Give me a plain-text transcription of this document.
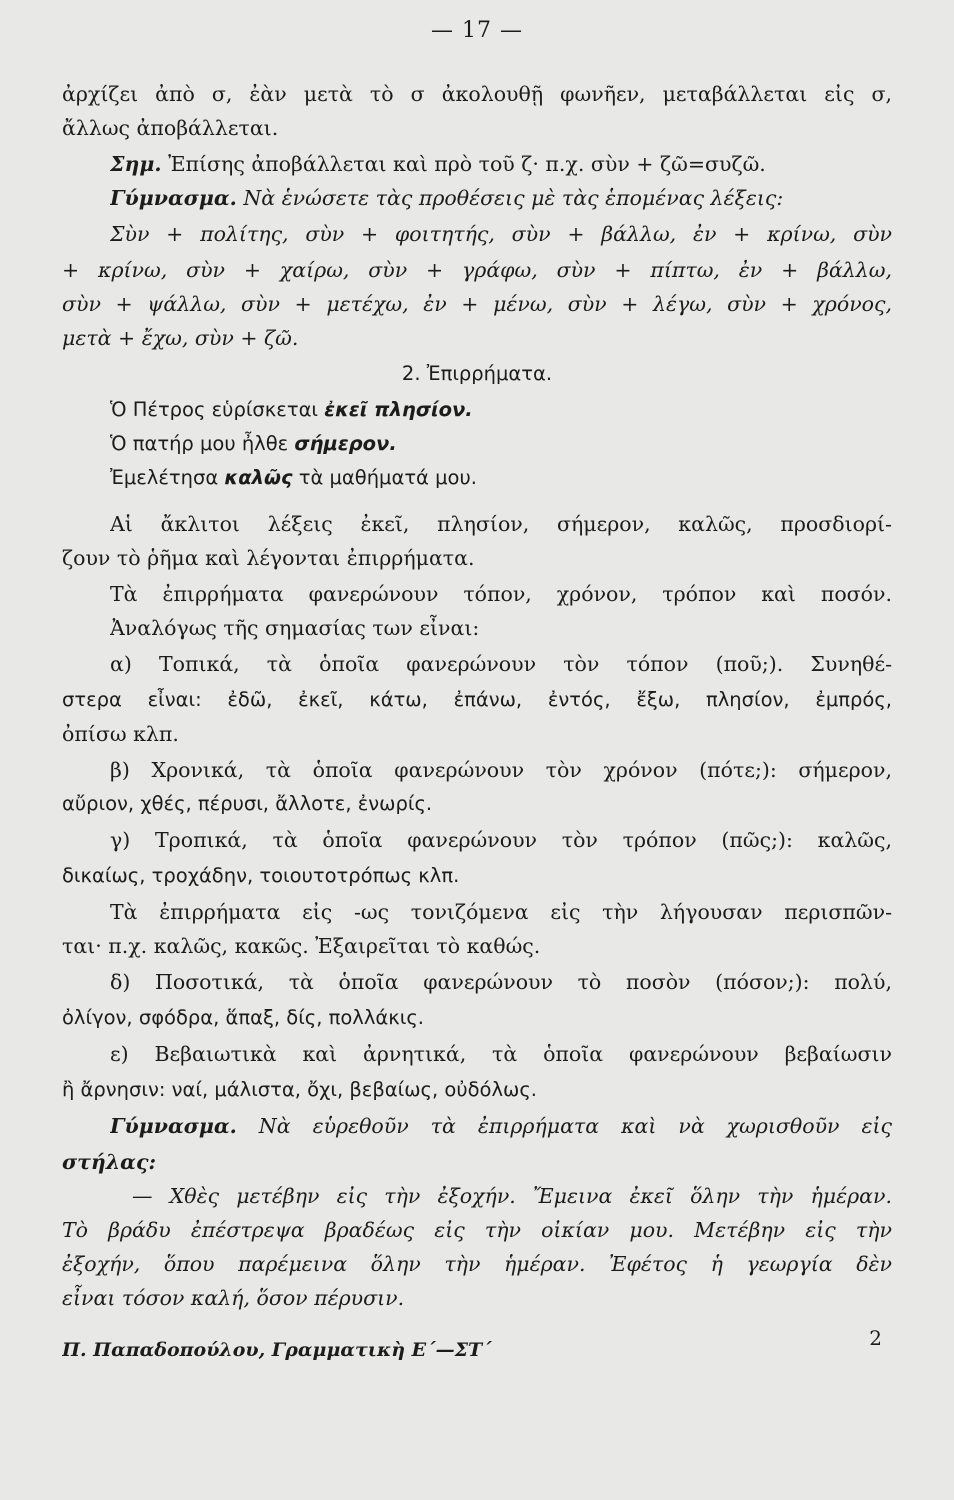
— 17 —
ἀρχίζει ἀπὸ σ, ἐὰν μετὰ τὸ σ ἀκολουθῇ φωνῆεν, μεταβάλλεται εἰς σ,
ἄλλως ἀποβάλλεται.
Σημ. Ἐπίσης ἀποβάλλεται καὶ πρὸ τοῦ ζ· π.χ. σὺν + ζῶ=συζῶ.
Γύμνασμα. Νὰ ἑνώσετε τὰς προθέσεις μὲ τὰς ἑπομένας λέξεις:
Σὺν + πολίτης, σὺν + φοιτητής, σὺν + βάλλω, ἐν + κρίνω, σὺν
+ κρίνω, σὺν + χαίρω, σὺν + γράφω, σὺν + πίπτω, ἐν + βάλλω,
σὺν + ψάλλω, σὺν + μετέχω, ἐν + μένω, σὺν + λέγω, σὺν + χρόνος,
μετὰ + ἔχω, σὺν + ζῶ.
2. Ἐπιρρήματα.
Ὁ Πέτρος εὑρίσκεται ἐκεῖ πλησίον.
Ὁ πατήρ μου ἦλθε σήμερον.
Ἐμελέτησα καλῶς τὰ μαθήματά μου.
Αἱ ἄκλιτοι λέξεις ἐκεῖ, πλησίον, σήμερον, καλῶς, προσδιορί-
ζουν τὸ ῥῆμα καὶ λέγονται ἐπιρρήματα.
Τὰ ἐπιρρήματα φανερώνουν τόπον, χρόνον, τρόπον καὶ ποσόν.
Ἀναλόγως τῆς σημασίας των εἶναι:
α) Τοπικά, τὰ ὁποῖα φανερώνουν τὸν τόπον (ποῦ;). Συνηθέ-
στερα εἶναι: ἐδῶ, ἐκεῖ, κάτω, ἐπάνω, ἐντός, ἔξω, πλησίον, ἐμπρός,
ὀπίσω κλπ.
β) Χρονικά, τὰ ὁποῖα φανερώνουν τὸν χρόνον (πότε;): σήμερον,
αὔριον, χθές, πέρυσι, ἄλλοτε, ἐνωρίς.
γ) Τροπικά, τὰ ὁποῖα φανερώνουν τὸν τρόπον (πῶς;): καλῶς,
δικαίως, τροχάδην, τοιουτοτρόπως κλπ.
Τὰ ἐπιρρήματα εἰς -ως τονιζόμενα εἰς τὴν λήγουσαν περισπῶν-
ται· π.χ. καλῶς, κακῶς. Ἐξαιρεῖται τὸ καθώς.
δ) Ποσοτικά, τὰ ὁποῖα φανερώνουν τὸ ποσὸν (πόσον;): πολύ,
ὀλίγον, σφόδρα, ἅπαξ, δίς, πολλάκις.
ε) Βεβαιωτικὰ καὶ ἀρνητικά, τὰ ὁποῖα φανερώνουν βεβαίωσιν
ἢ ἄρνησιν: ναί, μάλιστα, ὄχι, βεβαίως, οὐδόλως.
Γύμνασμα. Νὰ εὑρεθοῦν τὰ ἐπιρρήματα καὶ νὰ χωρισθοῦν εἰς
στήλας:
— Χθὲς μετέβην εἰς τὴν ἐξοχήν. Ἔμεινα ἐκεῖ ὅλην τὴν ἡμέραν.
Τὸ βράδυ ἐπέστρεψα βραδέως εἰς τὴν οἰκίαν μου. Μετέβην εἰς τὴν
ἐξοχήν, ὅπου παρέμεινα ὅλην τὴν ἡμέραν. Ἐφέτος ἡ γεωργία δὲν
εἶναι τόσον καλή, ὅσον πέρυσιν.
Π. Παπαδοπούλου, Γραμματικὴ Ε΄—ΣΤ΄	2
